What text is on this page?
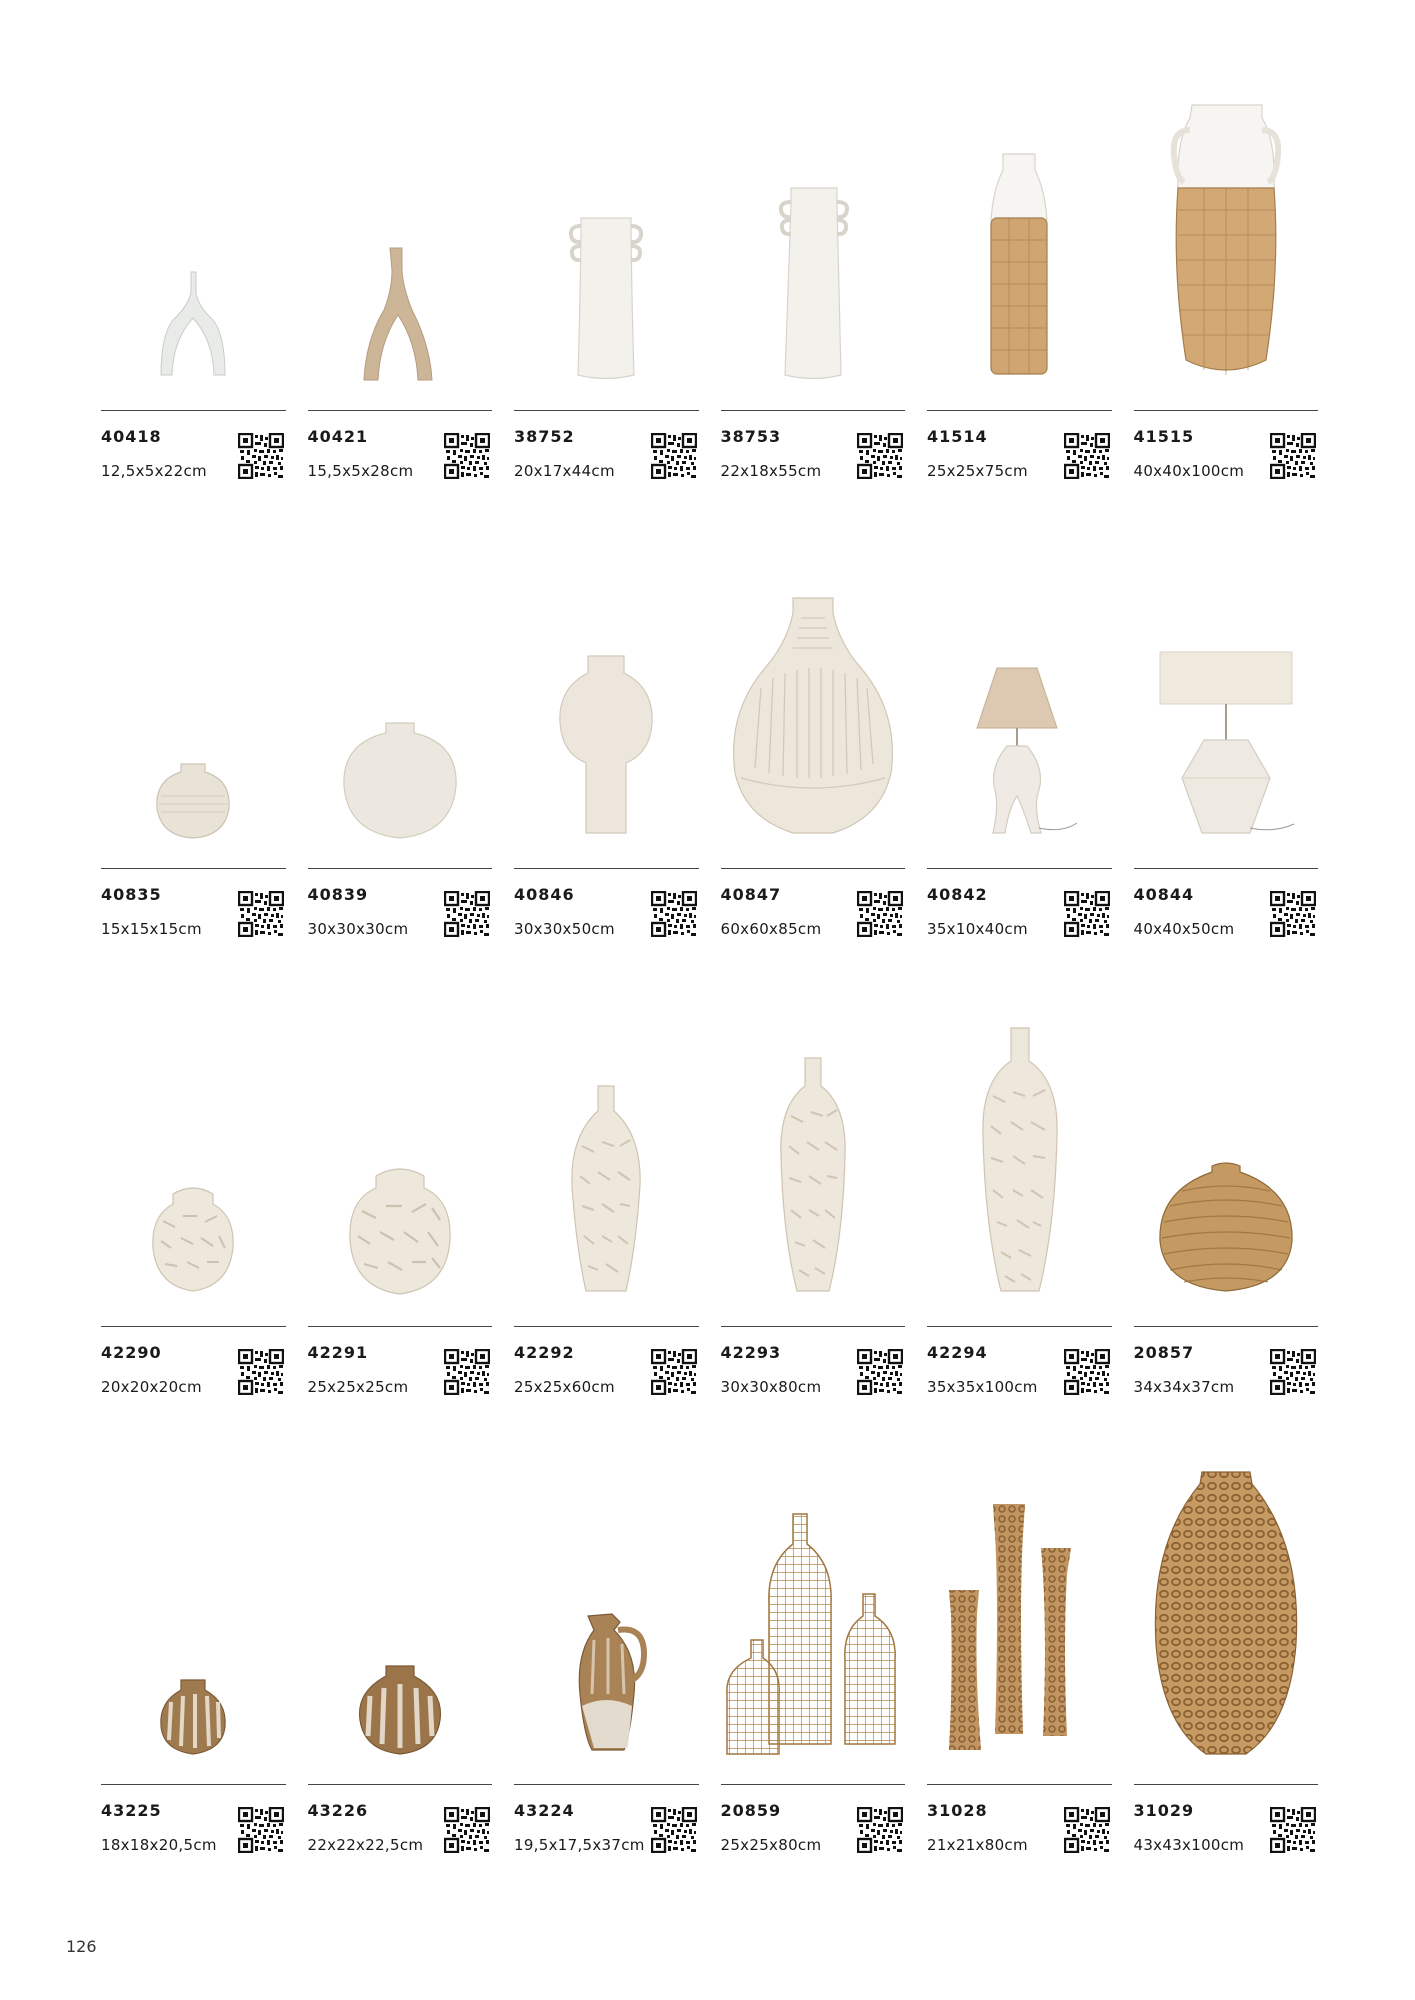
40418
12,5x5x22cm
40421
15,5x5x28cm
38752
20x17x44cm
38753
22x18x55cm
41514
25x25x75cm
41515
40x40x100cm
40835
15x15x15cm
40839
30x30x30cm
40846
30x30x50cm
40847
60x60x85cm
40842
35x10x40cm
40844
40x40x50cm
42290
20x20x20cm
42291
25x25x25cm
42292
25x25x60cm
42293
30x30x80cm
42294
35x35x100cm
20857
34x34x37cm
43225
18x18x20,5cm
43226
22x22x22,5cm
43224
19,5x17,5x37cm
20859
25x25x80cm
31028
21x21x80cm
31029
43x43x100cm
126
